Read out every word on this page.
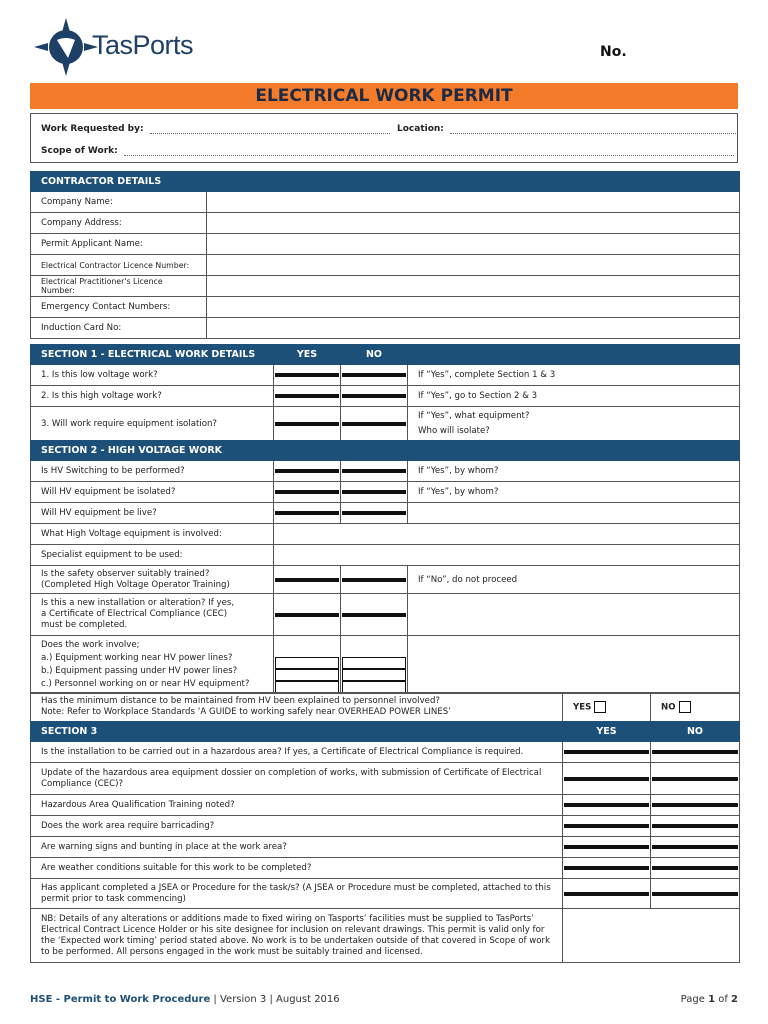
TasPorts	No.
ELECTRICAL WORK PERMIT
Work Requested by:	Location:
Scope of Work:
CONTRACTOR DETAILS	
Company Name:	
Company Address:	
Permit Applicant Name:	
Electrical Contractor Licence Number:	
Electrical Practitioner's Licence Number:	
Emergency Contact Numbers:	
Induction Card No:	
SECTION 1 - ELECTRICAL WORK DETAILS	YES	NO	
1. Is this low voltage work?			If “Yes”, complete Section 1 & 3
2. Is this high voltage work?			If “Yes”, go to Section 2 & 3
3. Will work require equipment isolation?			If “Yes”, what equipment?
Who will isolate?
SECTION 2 - HIGH VOLTAGE WORK			
Is HV Switching to be performed?			If “Yes”, by whom?
Will HV equipment be isolated?			If “Yes”, by whom?
Will HV equipment be live?	

What High Voltage equipment is involved:			
Specialist equipment to be used:			

Is the safety observer suitably trained?
(Completed High Voltage Operator Training)			If “No”, do not proceed

Is this a new installation or alteration? If yes,
a Certificate of Electrical Compliance (CEC)
must be completed.			

Does the work involve;
a.) Equipment working near HV power lines?
b.) Equipment passing under HV power lines?
c.) Personnel working on or near HV equipment?			

Has the minimum distance to be maintained from HV been explained to personnel involved?
Note: Refer to Workplace Standards ‘A GUIDE to working safely near OVERHEAD POWER LINES’	YES	NO
SECTION 3	YES	NO
Is the installation to be carried out in a hazardous area? If yes, a Certificate of Electrical Compliance is required.	

Update of the hazardous area equipment dossier on completion of works, with submission of Certificate of Electrical Compliance (CEC)?	

Hazardous Area Qualification Training noted?	

Does the work area require barricading?	

Are warning signs and bunting in place at the work area?	

Are weather conditions suitable for this work to be completed?	

Has applicant completed a JSEA or Procedure for the task/s? (A JSEA or Procedure must be completed, attached to this permit prior to task commencing)	

NB: Details of any alterations or additions made to fixed wiring on Tasports’ facilities must be supplied to TasPorts’ Electrical Contract Licence Holder or his site designee for inclusion on relevant drawings. This permit is valid only for the ‘Expected work timing’ period stated above. No work is to be undertaken outside of that covered in Scope of work to be performed. All persons engaged in the work must be suitably trained and licensed.		
HSE - Permit to Work Procedure | Version 3 | August 2016	Page 1 of 2
